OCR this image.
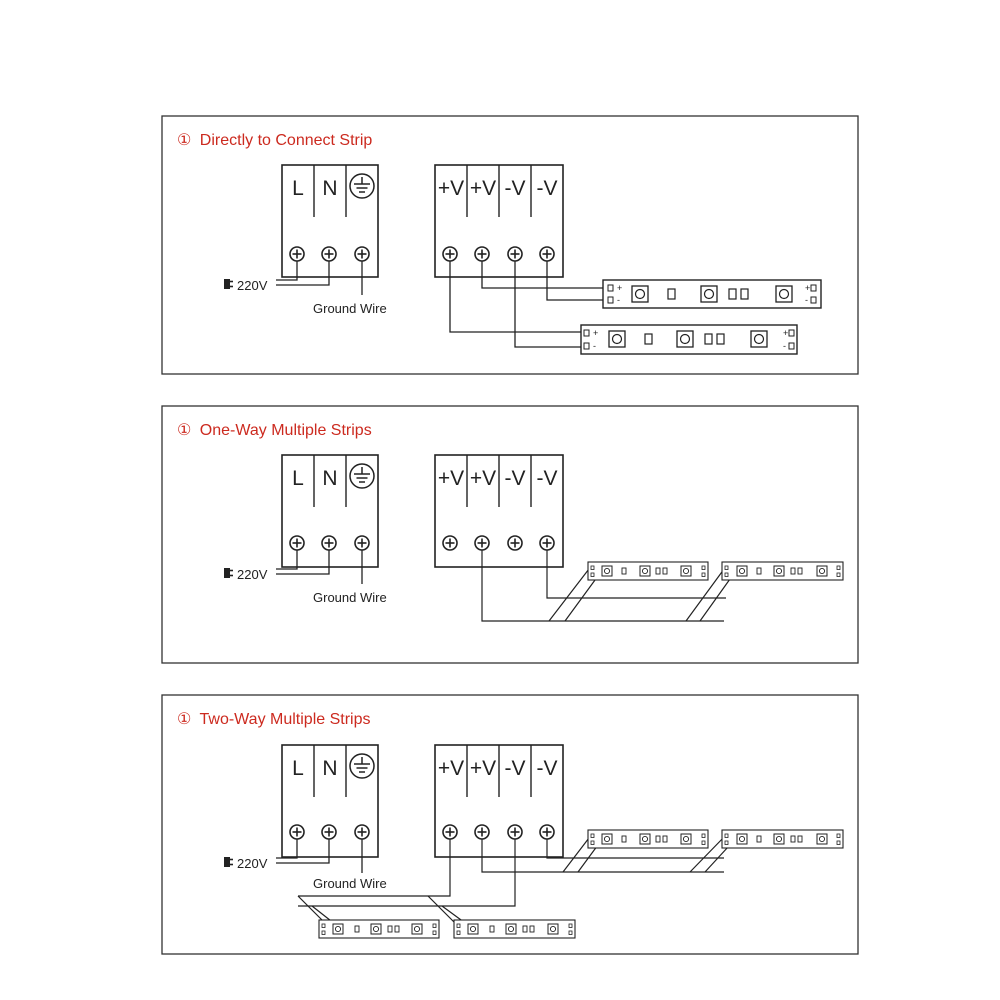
① Directly to Connect Strip
L N
220V
Ground Wire
+V +V -V -V
+
-
+
-
+
-
+
-
① One-Way Multiple Strips
L N
220V
Ground Wire
+V +V -V -V
① Two-Way Multiple Strips
L N
220V
Ground Wire
+V +V -V -V
